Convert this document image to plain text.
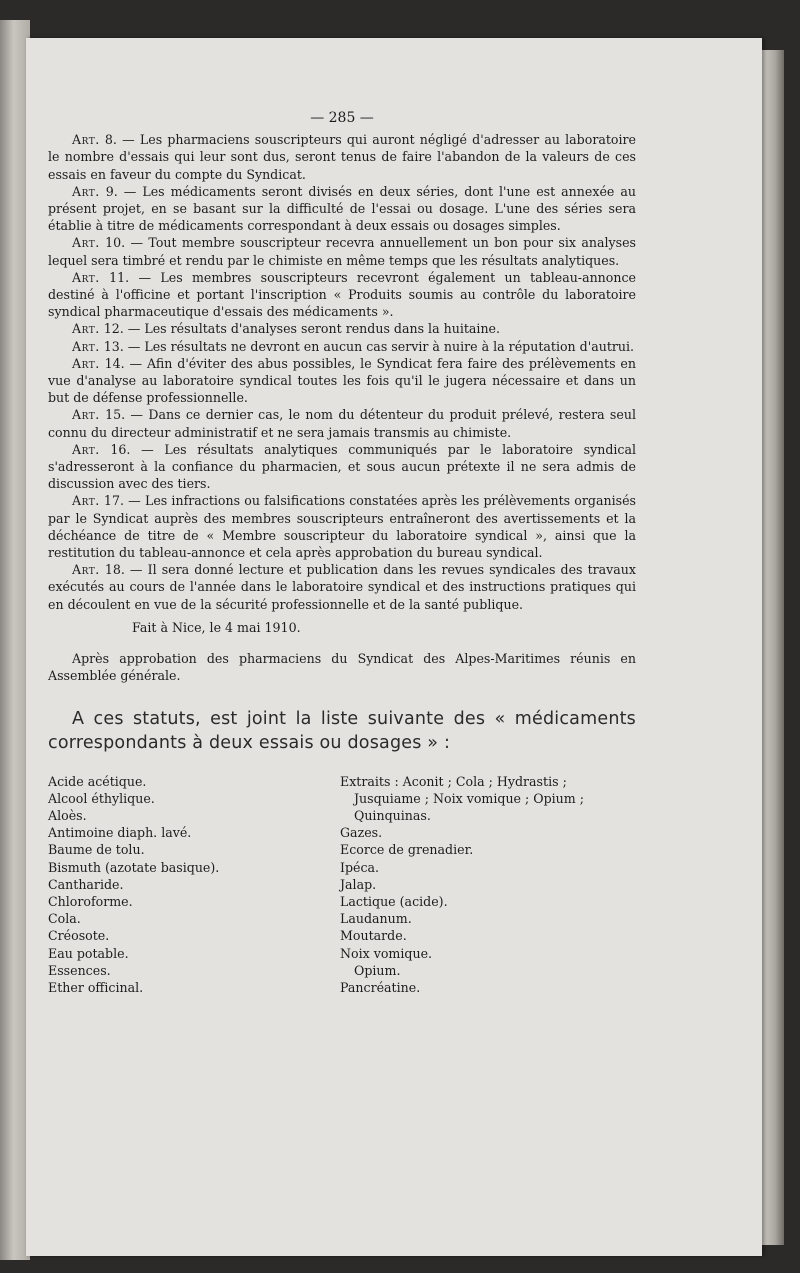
— 285 —

Art. 8. — Les pharmaciens souscripteurs qui auront négligé d'adresser au laboratoire le nombre d'essais qui leur sont dus, seront tenus de faire l'abandon de la valeurs de ces essais en faveur du compte du Syndicat.

Art. 9. — Les médicaments seront divisés en deux séries, dont l'une est annexée au présent projet, en se basant sur la difficulté de l'essai ou dosage. L'une des séries sera établie à titre de médicaments correspondant à deux essais ou dosages simples.

Art. 10. — Tout membre souscripteur recevra annuellement un bon pour six analyses lequel sera timbré et rendu par le chimiste en même temps que les résultats analytiques.

Art. 11. — Les membres souscripteurs recevront également un tableau-annonce destiné à l'officine et portant l'inscription « Produits soumis au contrôle du laboratoire syndical pharmaceutique d'essais des médicaments ».

Art. 12. — Les résultats d'analyses seront rendus dans la huitaine.

Art. 13. — Les résultats ne devront en aucun cas servir à nuire à la réputation d'autrui.

Art. 14. — Afin d'éviter des abus possibles, le Syndicat fera faire des prélèvements en vue d'analyse au laboratoire syndical toutes les fois qu'il le jugera nécessaire et dans un but de défense professionnelle.

Art. 15. — Dans ce dernier cas, le nom du détenteur du produit prélevé, restera seul connu du directeur administratif et ne sera jamais transmis au chimiste.

Art. 16. — Les résultats analytiques communiqués par le laboratoire syndical s'adresseront à la confiance du pharmacien, et sous aucun prétexte il ne sera admis de discussion avec des tiers.

Art. 17. — Les infractions ou falsifications constatées après les prélèvements organisés par le Syndicat auprès des membres souscripteurs entraîneront des avertissements et la déchéance de titre de « Membre souscripteur du laboratoire syndical », ainsi que la restitution du tableau-annonce et cela après approbation du bureau syndical.

Art. 18. — Il sera donné lecture et publication dans les revues syndicales des travaux exécutés au cours de l'année dans le laboratoire syndical et des instructions pratiques qui en découlent en vue de la sécurité professionnelle et de la santé publique.

Fait à Nice, le 4 mai 1910.

Après approbation des pharmaciens du Syndicat des Alpes-Maritimes réunis en Assemblée générale.

A ces statuts, est joint la liste suivante des « médicaments correspondants à deux essais ou dosages » :

Acide acétique.

Alcool éthylique.

Aloès.

Antimoine diaph. lavé.

Baume de tolu.

Bismuth (azotate basique).

Cantharide.

Chloroforme.

Cola.

Créosote.

Eau potable.

Essences.

Ether officinal.

Extraits : Aconit ; Cola ; Hydrastis ;

Jusquiame ; Noix vomique ; Opium ;

Quinquinas.

Gazes.

Ecorce de grenadier.

Ipéca.

Jalap.

Lactique (acide).

Laudanum.

Moutarde.

Noix vomique.

Opium.

Pancréatine.
